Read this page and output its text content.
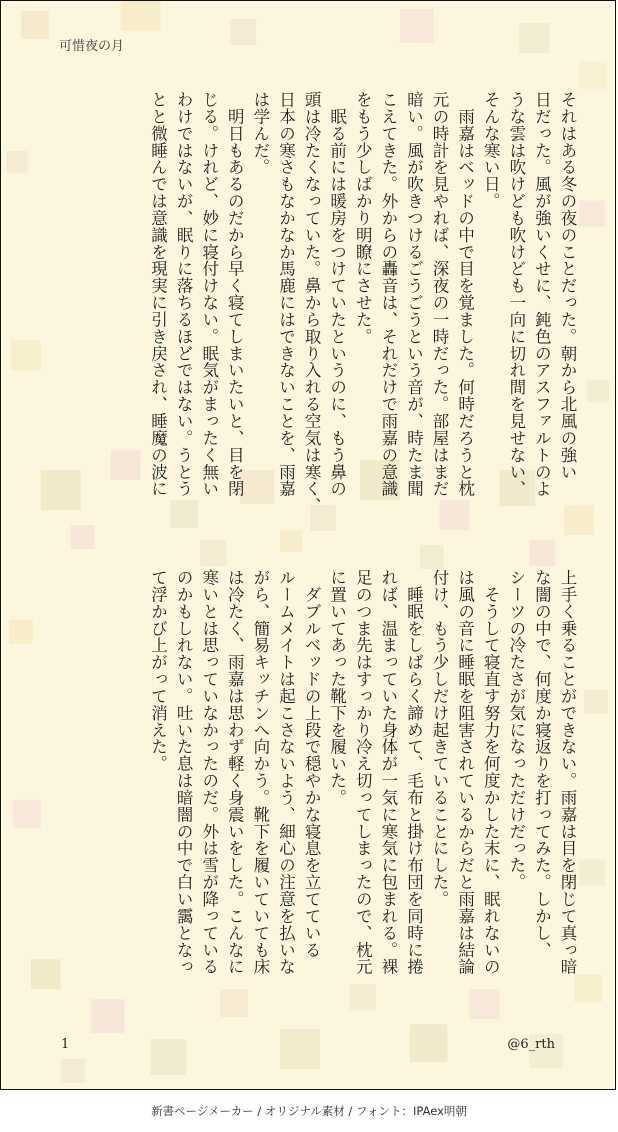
可惜夜の月
それはある冬の夜のことだった。朝から北風の強い
日だった。風が強いくせに、鈍色のアスファルトのよ
うな雲は吹けども吹けども一向に切れ間を見せない、
そんな寒い日。
　雨嘉はベッドの中で目を覚ました。何時だろうと枕
元の時計を見やれば、深夜の一時だった。部屋はまだ
暗い。風が吹きつけるごうごうという音が、時たま聞
こえてきた。外からの轟音は、それだけで雨嘉の意識
をもう少しばかり明瞭にさせた。
　眠る前には暖房をつけていたというのに、もう鼻の
頭は冷たくなっていた。鼻から取り入れる空気は寒く、
日本の寒さもなかなか馬鹿にはできないことを、雨嘉
は学んだ。
　明日もあるのだから早く寝てしまいたいと、目を閉
じる。けれど、妙に寝付けない。眠気がまったく無い
わけではないが、眠りに落ちるほどではない。うとう
とと微睡んでは意識を現実に引き戻され、睡魔の波に
上手く乗ることができない。雨嘉は目を閉じて真っ暗
な闇の中で、何度か寝返りを打ってみた。しかし、
シーツの冷たさが気になっただけだった。
　そうして寝直す努力を何度かした末に、眠れないの
は風の音に睡眠を阻害されているからだと雨嘉は結論
付け、もう少しだけ起きていることにした。
　睡眠をしばらく諦めて、毛布と掛け布団を同時に捲
れば、温まっていた身体が一気に寒気に包まれる。裸
足のつま先はすっかり冷え切ってしまったので、枕元
に置いてあった靴下を履いた。
　ダブルベッドの上段で穏やかな寝息を立てている
ルームメイトは起こさないよう、細心の注意を払いな
がら、簡易キッチンへ向かう。靴下を履いていても床
は冷たく、雨嘉は思わず軽く身震いをした。こんなに
寒いとは思っていなかったのだ。外は雪が降っている
のかもしれない。吐いた息は暗闇の中で白い靄となっ
て浮かび上がって消えた。
1	@6_rth
新書ページメーカー / オリジナル素材 / フォント：IPAex明朝
